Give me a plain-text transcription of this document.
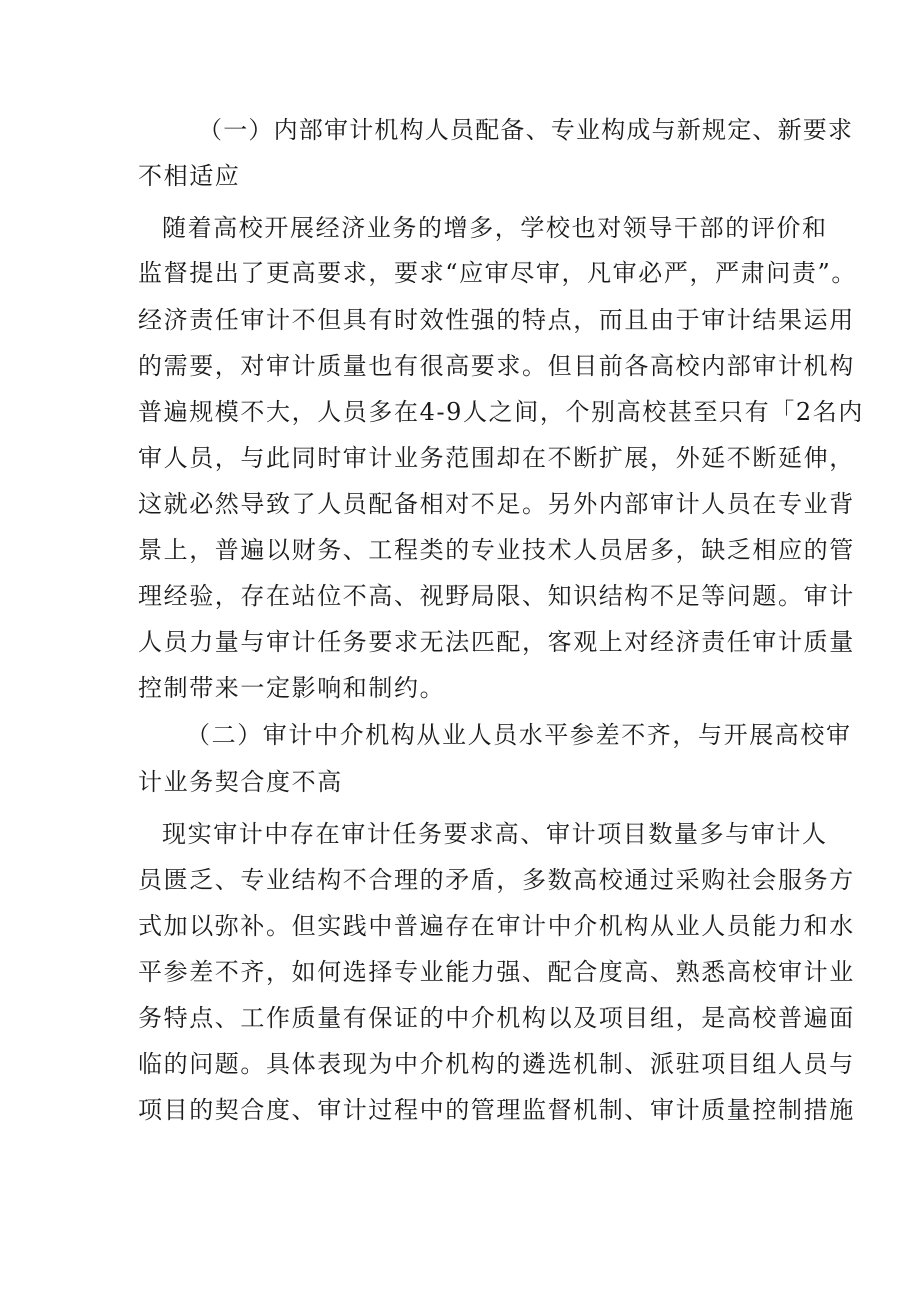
（一）内部审计机构人员配备、专业构成与新规定、新要求
不相适应
随着高校开展经济业务的增多，学校也对领导干部的评价和
监督提出了更高要求，要求“应审尽审，凡审必严，严肃问责”。
经济责任审计不但具有时效性强的特点，而且由于审计结果运用
的需要，对审计质量也有很高要求。但目前各高校内部审计机构
普遍规模不大，人员多在4-9人之间，个别高校甚至只有「2名内
审人员，与此同时审计业务范围却在不断扩展，外延不断延伸，
这就必然导致了人员配备相对不足。另外内部审计人员在专业背
景上，普遍以财务、工程类的专业技术人员居多，缺乏相应的管
理经验，存在站位不高、视野局限、知识结构不足等问题。审计
人员力量与审计任务要求无法匹配，客观上对经济责任审计质量
控制带来一定影响和制约。
（二）审计中介机构从业人员水平参差不齐，与开展高校审
计业务契合度不高
现实审计中存在审计任务要求高、审计项目数量多与审计人
员匮乏、专业结构不合理的矛盾，多数高校通过采购社会服务方
式加以弥补。但实践中普遍存在审计中介机构从业人员能力和水
平参差不齐，如何选择专业能力强、配合度高、熟悉高校审计业
务特点、工作质量有保证的中介机构以及项目组，是高校普遍面
临的问题。具体表现为中介机构的遴选机制、派驻项目组人员与
项目的契合度、审计过程中的管理监督机制、审计质量控制措施
